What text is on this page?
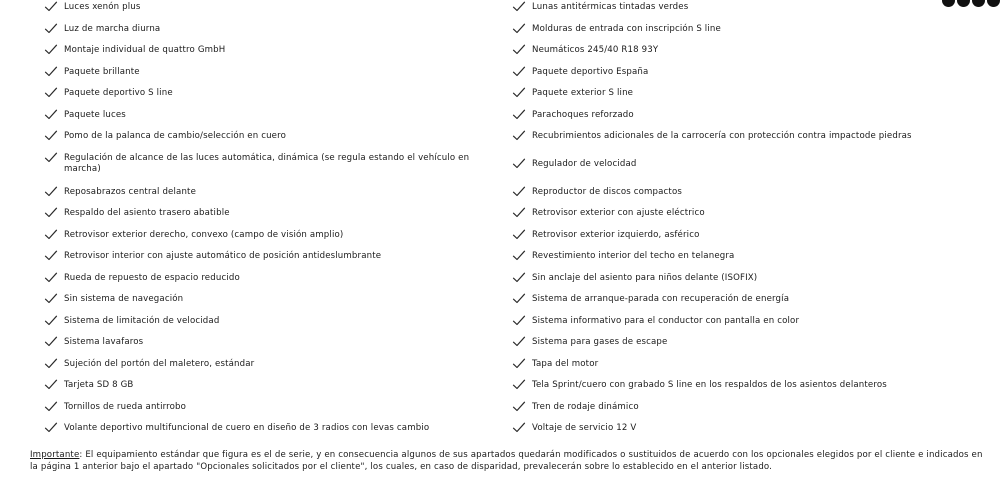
Luces xenón plus
Luz de marcha diurna
Montaje individual de quattro GmbH
Paquete brillante
Paquete deportivo S line
Paquete luces
Pomo de la palanca de cambio/selección en cuero
Regulación de alcance de las luces automática, dinámica (se regula estando el vehículo en marcha)
Reposabrazos central delante
Respaldo del asiento trasero abatible
Retrovisor exterior derecho, convexo (campo de visión amplio)
Retrovisor interior con ajuste automático de posición antideslumbrante
Rueda de repuesto de espacio reducido
Sin sistema de navegación
Sistema de limitación de velocidad
Sistema lavafaros
Sujeción del portón del maletero, estándar
Tarjeta SD 8 GB
Tornillos de rueda antirrobo
Volante deportivo multifuncional de cuero en diseño de 3 radios con levas cambio
Lunas antitérmicas tintadas verdes
Molduras de entrada con inscripción S line
Neumáticos 245/40 R18 93Y
Paquete deportivo España
Paquete exterior S line
Parachoques reforzado
Recubrimientos adicionales de la carrocería con protección contra impactode piedras
Regulador de velocidad
Reproductor de discos compactos
Retrovisor exterior con ajuste eléctrico
Retrovisor exterior izquierdo, asférico
Revestimiento interior del techo en telanegra
Sin anclaje del asiento para niños delante (ISOFIX)
Sistema de arranque-parada con recuperación de energía
Sistema informativo para el conductor con pantalla en color
Sistema para gases de escape
Tapa del motor
Tela Sprint/cuero con grabado S line en los respaldos de los asientos delanteros
Tren de rodaje dinámico
Voltaje de servicio 12 V
Importante: El equipamiento estándar que figura es el de serie, y en consecuencia algunos de sus apartados quedarán modificados o sustituidos de acuerdo con los opcionales elegidos por el cliente e indicados en la página 1 anterior bajo el apartado "Opcionales solicitados por el cliente", los cuales, en caso de disparidad, prevalecerán sobre lo establecido en el anterior listado.
